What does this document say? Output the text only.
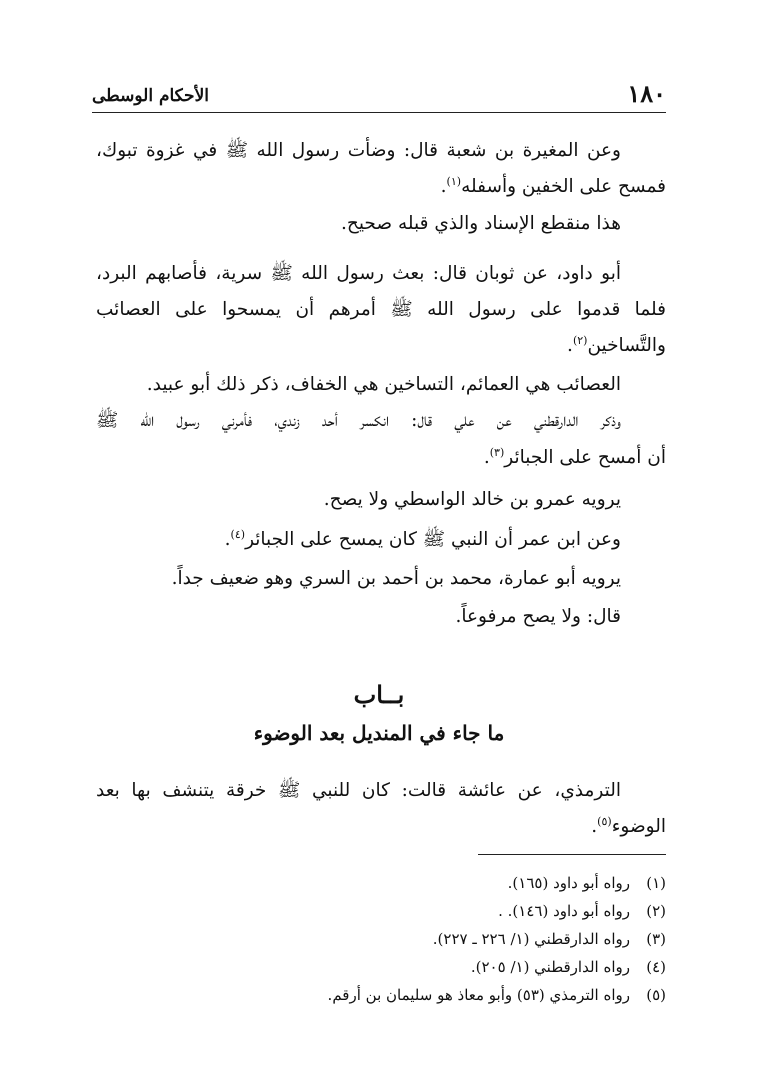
١٨٠
الأحكام الوسطى
وعن المغيرة بن شعبة قال: وضأت رسول الله ﷺ في غزوة تبوك،
فمسح على الخفين وأسفله$^{(١)}$.
هذا منقطع الإسناد والذي قبله صحيح.
أبو داود، عن ثوبان قال: بعث رسول الله ﷺ سرية، فأصابهم البرد،
فلما قدموا على رسول الله ﷺ أمرهم أن يمسحوا على العصائب
والتَّساخين$^{(٢)}$.
العصائب هي العمائم، التساخين هي الخفاف، ذكر ذلك أبو عبيد.
وذكر الدارقطني عن علي قال: انكسر أحد زندي، فأمرني رسول الله ﷺ
أن أمسح على الجبائر$^{(٣)}$.
يرويه عمرو بن خالد الواسطي ولا يصح.
وعن ابن عمر أن النبي ﷺ كان يمسح على الجبائر$^{(٤)}$.
يرويه أبو عمارة، محمد بن أحمد بن السري وهو ضعيف جداً.
قال: ولا يصح مرفوعاً.
بــاب
ما جاء في المنديل بعد الوضوء
الترمذي، عن عائشة قالت: كان للنبي ﷺ خرقة يتنشف بها بعد
الوضوء$^{(٥)}$.
(١)رواه أبو داود (١٦٥).
(٢)رواه أبو داود (١٤٦). .
(٣)رواه الدارقطني (١/ ٢٢٦ ـ ٢٢٧).
(٤)رواه الدارقطني (١/ ٢٠٥).
(٥)رواه الترمذي (٥٣) وأبو معاذ هو سليمان بن أرقم.
